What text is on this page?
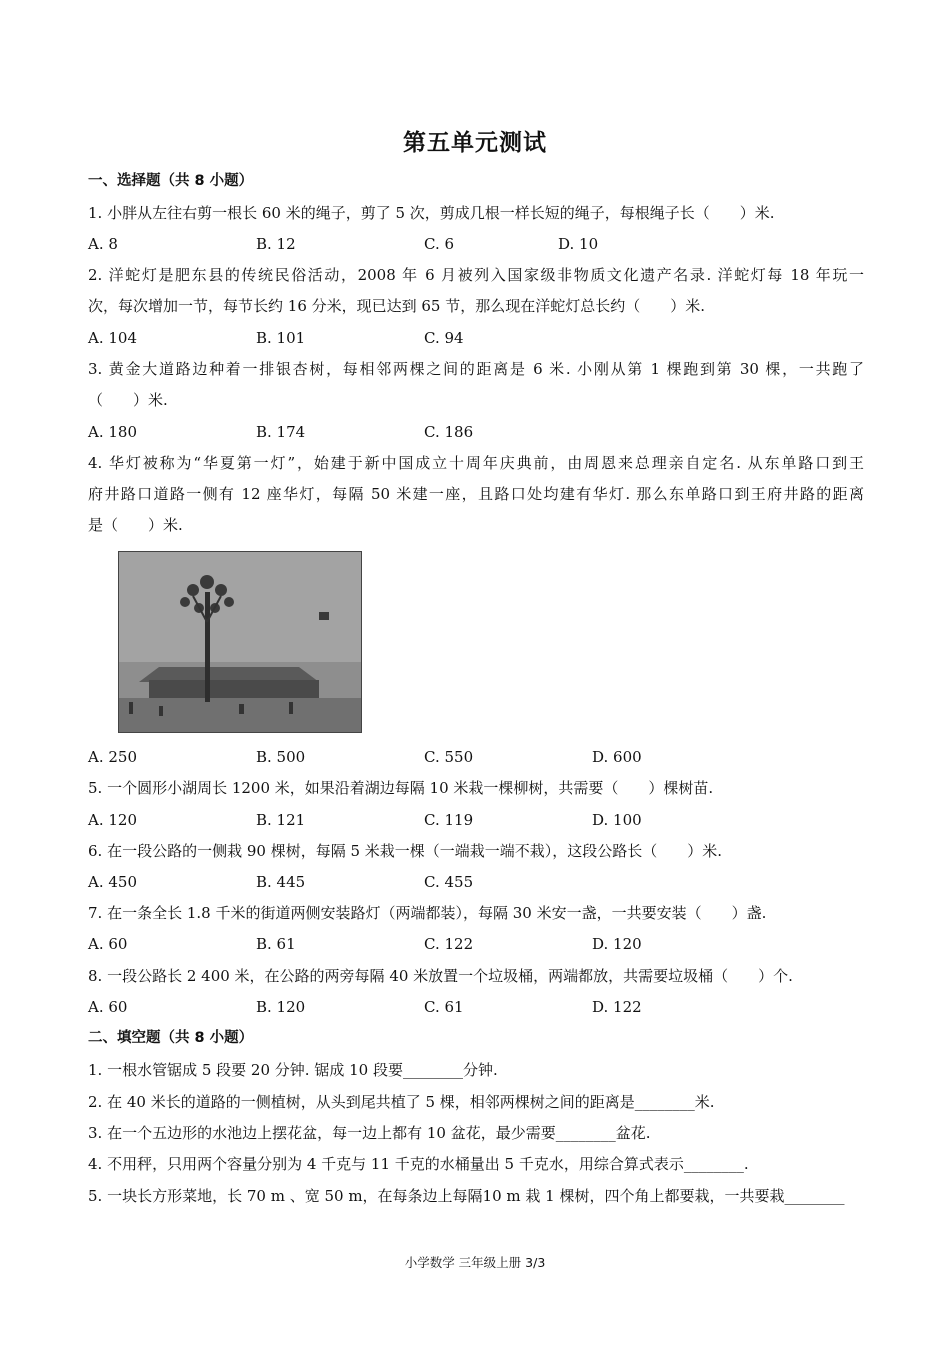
第五单元测试
一、选择题（共 8 小题）
1. 小胖从左往右剪一根长 60 米的绳子，剪了 5 次，剪成几根一样长短的绳子，每根绳子长（　　）米.
A. 8	B. 12	C. 6	D. 10
2. 洋蛇灯是肥东县的传统民俗活动，2008 年 6 月被列入国家级非物质文化遗产名录. 洋蛇灯每 18 年玩一
次，每次增加一节，每节长约 16 分米，现已达到 65 节，那么现在洋蛇灯总长约（　　）米.
A. 104	B. 101	C. 94
3. 黄金大道路边种着一排银杏树，每相邻两棵之间的距离是 6 米. 小刚从第 1 棵跑到第 30 棵，一共跑了
（　　）米.
A. 180	B. 174	C. 186
4. 华灯被称为“华夏第一灯”，始建于新中国成立十周年庆典前，由周恩来总理亲自定名. 从东单路口到王
府井路口道路一侧有 12 座华灯，每隔 50 米建一座，且路口处均建有华灯. 那么东单路口到王府井路的距离
是（　　）米.
A. 250	B. 500	C. 550	D. 600
5. 一个圆形小湖周长 1200 米，如果沿着湖边每隔 10 米栽一棵柳树，共需要（　　）棵树苗.
A. 120	B. 121	C. 119	D. 100
6. 在一段公路的一侧栽 90 棵树，每隔 5 米栽一棵（一端栽一端不栽），这段公路长（　　）米.
A. 450	B. 445	C. 455
7. 在一条全长 1.8 千米的街道两侧安装路灯（两端都装），每隔 30 米安一盏，一共要安装（　　）盏.
A. 60	B. 61	C. 122	D. 120
8. 一段公路长 2 400 米，在公路的两旁每隔 40 米放置一个垃圾桶，两端都放，共需要垃圾桶（　　）个.
A. 60	B. 120	C. 61	D. 122
二、填空题（共 8 小题）
1. 一根水管锯成 5 段要 20 分钟. 锯成 10 段要________分钟.
2. 在 40 米长的道路的一侧植树，从头到尾共植了 5 棵，相邻两棵树之间的距离是________米.
3. 在一个五边形的水池边上摆花盆，每一边上都有 10 盆花，最少需要________盆花.
4. 不用秤，只用两个容量分别为 4 千克与 11 千克的水桶量出 5 千克水，用综合算式表示________.
5. 一块长方形菜地，长 70 m 、宽 50 m，在每条边上每隔10 m 栽 1 棵树，四个角上都要栽，一共要栽________
小学数学 三年级上册 3/3
